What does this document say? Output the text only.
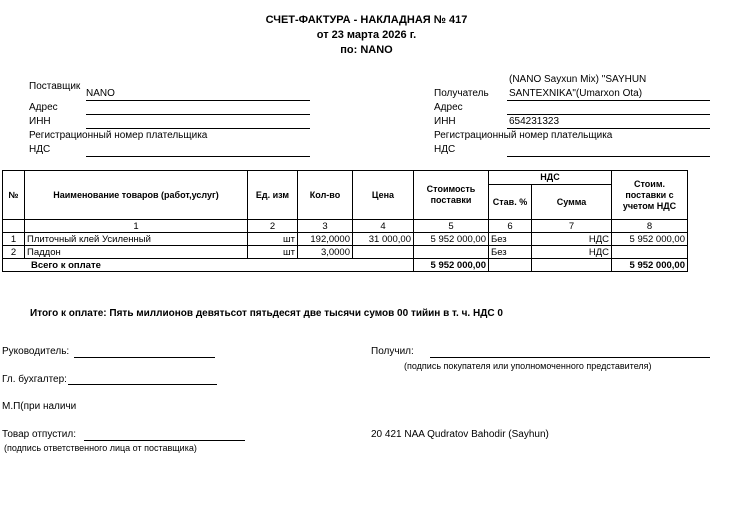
СЧЕТ-ФАКТУРА - НАКЛАДНАЯ № 417
от 23 марта 2026 г.
по: NANO
Поставщик
NANO
Адрес
ИНН
Регистрационный номер плательщика
НДС
(NANO Sayxun Mix) "SAYHUN
Получатель SANTEXNIKA"(Umarxon Ota)
Адрес
ИНН	654231323
Регистрационный номер плательщика
НДС
№	Наименование товаров (работ,услуг)	Ед. изм	Кол-во	Цена	Стоимость поставки	НДС		Стоим. поставки с учетом НДС
						Став. %	Сумма	
	1	2	3	4	5	6	7	8
1	Плиточный клей Усиленный	шт	192,0000	31 000,00	5 952 000,00	Без	НДС	5 952 000,00
2	Паддон	шт	3,0000			Без	НДС	
Всего к оплате					5 952 000,00			5 952 000,00
Итого к оплате: Пять миллионов девятьсот пятьдесят две тысячи сумов 00 тийин в т. ч. НДС 0
Руководитель:
Гл. бухгалтер:
М.П(при наличи
Товар отпустил:
(подпись ответственного лица от поставщика)
Получил:
(подпись покупателя или уполномоченного представителя)
20 421 NAA Qudratov Bahodir (Sayhun)
